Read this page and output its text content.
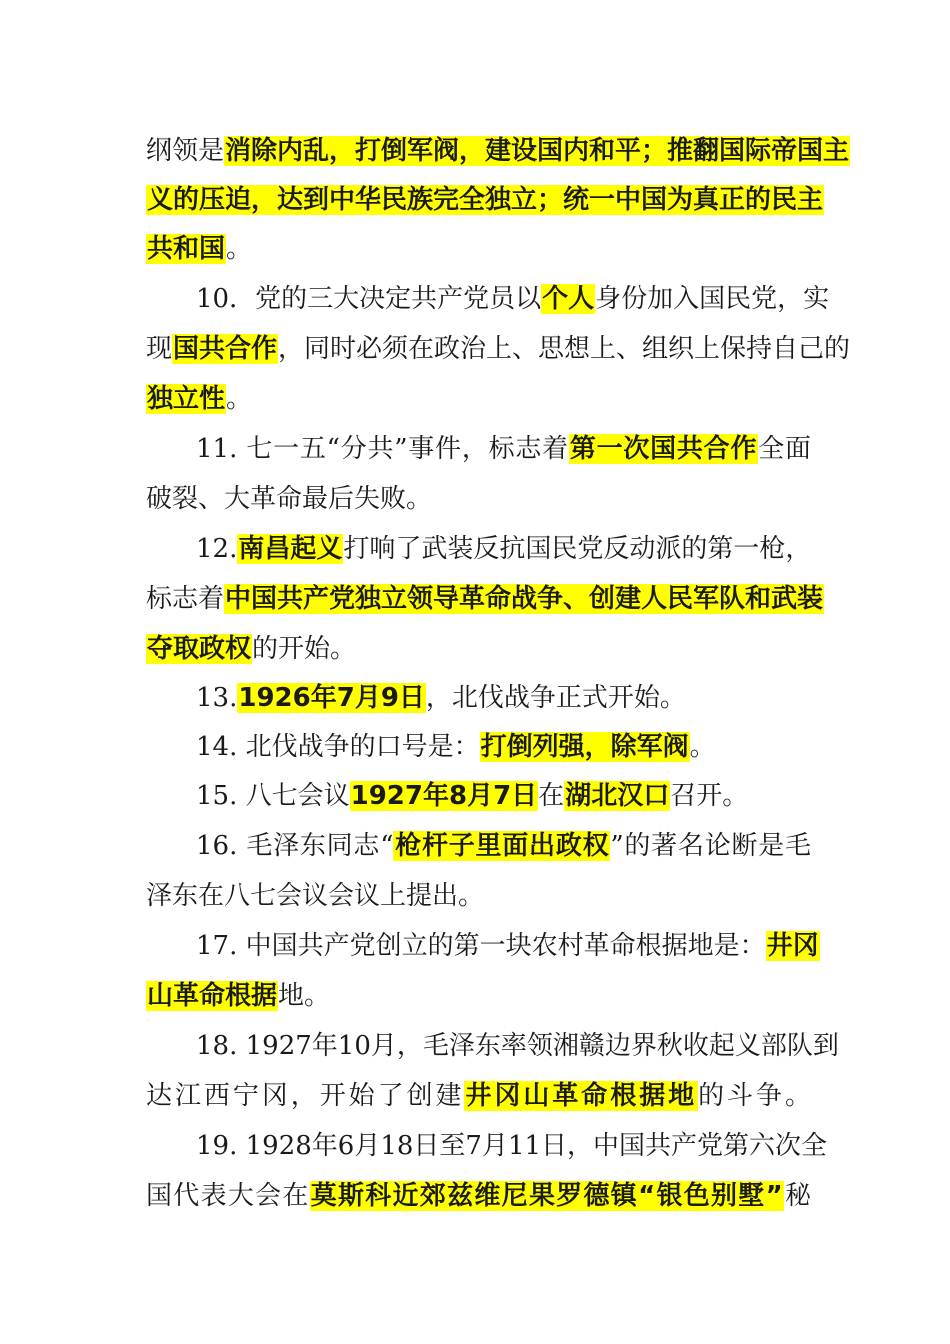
纲领是消除内乱，打倒军阀，建设国内和平；推翻国际帝国主
义的压迫，达到中华民族完全独立；统一中国为真正的民主
共和国。
10．党的三大决定共产党员以个人身份加入国民党，实
现国共合作，同时必须在政治上、思想上、组织上保持自己的
独立性。
11. 七一五“分共”事件，标志着第一次国共合作全面
破裂、大革命最后失败。
12.南昌起义打响了武装反抗国民党反动派的第一枪，
标志着中国共产党独立领导革命战争、创建人民军队和武装
夺取政权的开始。
13.1926年7月9日，北伐战争正式开始。
14. 北伐战争的口号是：打倒列强，除军阀。
15. 八七会议1927年8月7日在湖北汉口召开。
16. 毛泽东同志“枪杆子里面出政权”的著名论断是毛
泽东在八七会议会议上提出。
17. 中国共产党创立的第一块农村革命根据地是：井冈
山革命根据地。
18. 1927年10月，毛泽东率领湘赣边界秋收起义部队到
达江西宁冈，开始了创建井冈山革命根据地的斗争。
19. 1928年6月18日至7月11日，中国共产党第六次全
国代表大会在莫斯科近郊兹维尼果罗德镇“银色别墅”秘
